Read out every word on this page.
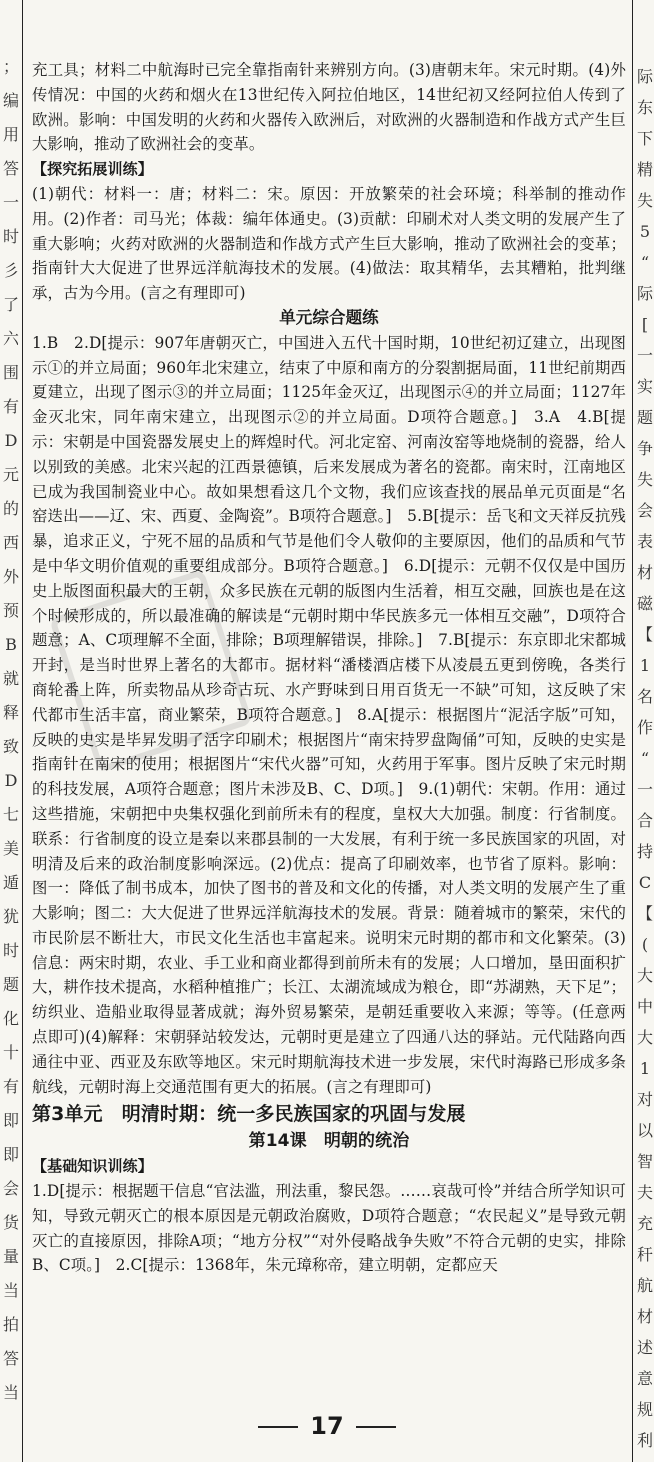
；
编
用
答
一
时
彡
了
六
围
有
D
元
的
西
外
预
B
就
释
致
D
七
美
遁
犹
时
题
化
十
有
即
即
会
货
量
当
拍
答
当
际
东
下
精
失
5
“
际
[
一
实
题
争
失
会
表
材
磁
【
1
名
作
“
一
合
持
C
【
(
大
中
大
1
对
以
智
夫
充
秆
航
材
述
意
规
利

充工具；材料二中航海时已完全靠指南针来辨别方向。(3)唐朝末年。宋元时期。(4)外传情况：中国的火药和烟火在13世纪传入阿拉伯地区，14世纪初又经阿拉伯人传到了欧洲。影响：中国发明的火药和火器传入欧洲后，对欧洲的火器制造和作战方式产生巨大影响，推动了欧洲社会的变革。

【探究拓展训练】

(1)朝代：材料一：唐；材料二：宋。原因：开放繁荣的社会环境；科举制的推动作用。(2)作者：司马光；体裁：编年体通史。(3)贡献：印刷术对人类文明的发展产生了重大影响；火药对欧洲的火器制造和作战方式产生巨大影响，推动了欧洲社会的变革；指南针大大促进了世界远洋航海技术的发展。(4)做法：取其精华，去其糟粕，批判继承，古为今用。(言之有理即可)

单元综合题练

1.B　2.D[提示：907年唐朝灭亡，中国进入五代十国时期，10世纪初辽建立，出现图示①的并立局面；960年北宋建立，结束了中原和南方的分裂割据局面，11世纪前期西夏建立，出现了图示③的并立局面；1125年金灭辽，出现图示④的并立局面；1127年金灭北宋，同年南宋建立，出现图示②的并立局面。D项符合题意。]　3.A　4.B[提示：宋朝是中国瓷器发展史上的辉煌时代。河北定窑、河南汝窑等地烧制的瓷器，给人以别致的美感。北宋兴起的江西景德镇，后来发展成为著名的瓷都。南宋时，江南地区已成为我国制瓷业中心。故如果想看这几个文物，我们应该查找的展品单元页面是“名窑迭出——辽、宋、西夏、金陶瓷”。B项符合题意。]　5.B[提示：岳飞和文天祥反抗残暴，追求正义，宁死不屈的品质和气节是他们令人敬仰的主要原因，他们的品质和气节是中华文明价值观的重要组成部分。B项符合题意。]　6.D[提示：元朝不仅仅是中国历史上版图面积最大的王朝，众多民族在元朝的版图内生活着，相互交融，回族也是在这个时候形成的，所以最准确的解读是“元朝时期中华民族多元一体相互交融”，D项符合题意；A、C项理解不全面，排除；B项理解错误，排除。]　7.B[提示：东京即北宋都城开封，是当时世界上著名的大都市。据材料“潘楼酒店楼下从凌晨五更到傍晚，各类行商轮番上阵，所卖物品从珍奇古玩、水产野味到日用百货无一不缺”可知，这反映了宋代都市生活丰富，商业繁荣，B项符合题意。]　8.A[提示：根据图片“泥活字版”可知，反映的史实是毕昇发明了活字印刷术；根据图片“南宋持罗盘陶俑”可知，反映的史实是指南针在南宋的使用；根据图片“宋代火器”可知，火药用于军事。图片反映了宋元时期的科技发展，A项符合题意；图片未涉及B、C、D项。]　9.(1)朝代：宋朝。作用：通过这些措施，宋朝把中央集权强化到前所未有的程度，皇权大大加强。制度：行省制度。联系：行省制度的设立是秦以来郡县制的一大发展，有利于统一多民族国家的巩固，对明清及后来的政治制度影响深远。(2)优点：提高了印刷效率，也节省了原料。影响：图一：降低了制书成本，加快了图书的普及和文化的传播，对人类文明的发展产生了重大影响；图二：大大促进了世界远洋航海技术的发展。背景：随着城市的繁荣，宋代的市民阶层不断壮大，市民文化生活也丰富起来。说明宋元时期的都市和文化繁荣。(3)信息：两宋时期，农业、手工业和商业都得到前所未有的发展；人口增加，垦田面积扩大，耕作技术提高，水稻种植推广；长江、太湖流域成为粮仓，即“苏湖熟，天下足”；纺织业、造船业取得显著成就；海外贸易繁荣，是朝廷重要收入来源；等等。(任意两点即可)(4)解释：宋朝驿站较发达，元朝时更是建立了四通八达的驿站。元代陆路向西通往中亚、西亚及东欧等地区。宋元时期航海技术进一步发展，宋代时海路已形成多条航线，元朝时海上交通范围有更大的拓展。(言之有理即可)

第3单元　明清时期：统一多民族国家的巩固与发展

第14课　明朝的统治

【基础知识训练】

1.D[提示：根据题干信息“官法滥，刑法重，黎民怨。……哀哉可怜”并结合所学知识可知，导致元朝灭亡的根本原因是元朝政治腐败，D项符合题意；“农民起义”是导致元朝灭亡的直接原因，排除A项；“地方分权”“对外侵略战争失败”不符合元朝的史实，排除B、C项。]　2.C[提示：1368年，朱元璋称帝，建立明朝，定都应天

17
